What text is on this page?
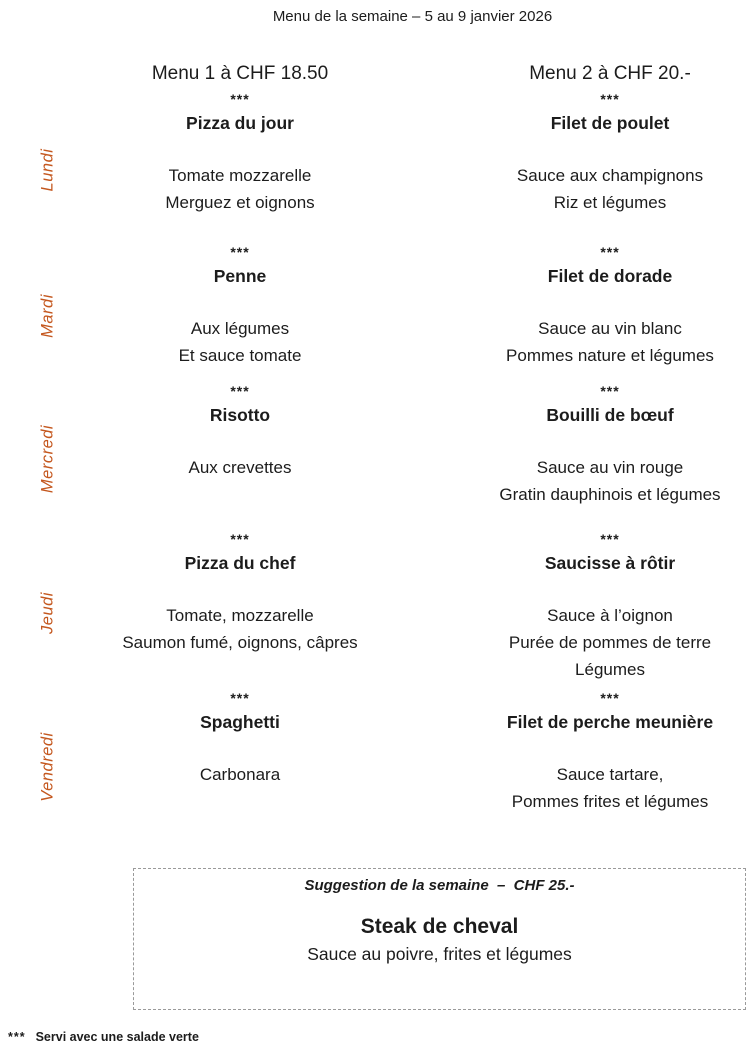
Menu de la semaine – 5 au 9 janvier 2026
Menu 1 à CHF 18.50	Menu 2 à CHF 20.-
Lundi
***
Pizza du jour
Tomate mozzarelle
Merguez et oignons
***
Filet de poulet
Sauce aux champignons
Riz et légumes
Mardi
***
Penne
Aux légumes
Et sauce tomate
***
Filet de dorade
Sauce au vin blanc
Pommes nature et légumes
Mercredi
***
Risotto
Aux crevettes
***
Bouilli de bœuf
Sauce au vin rouge
Gratin dauphinois et légumes
Jeudi
***
Pizza du chef
Tomate, mozzarelle
Saumon fumé, oignons, câpres
***
Saucisse à rôtir
Sauce à l’oignon
Purée de pommes de terre
Légumes
Vendredi
***
Spaghetti
Carbonara
***
Filet de perche meunière
Sauce tartare,
Pommes frites et légumes
Suggestion de la semaine  –  CHF 25.-
Steak de cheval
Sauce au poivre, frites et légumes
*** Servi avec une salade verte
